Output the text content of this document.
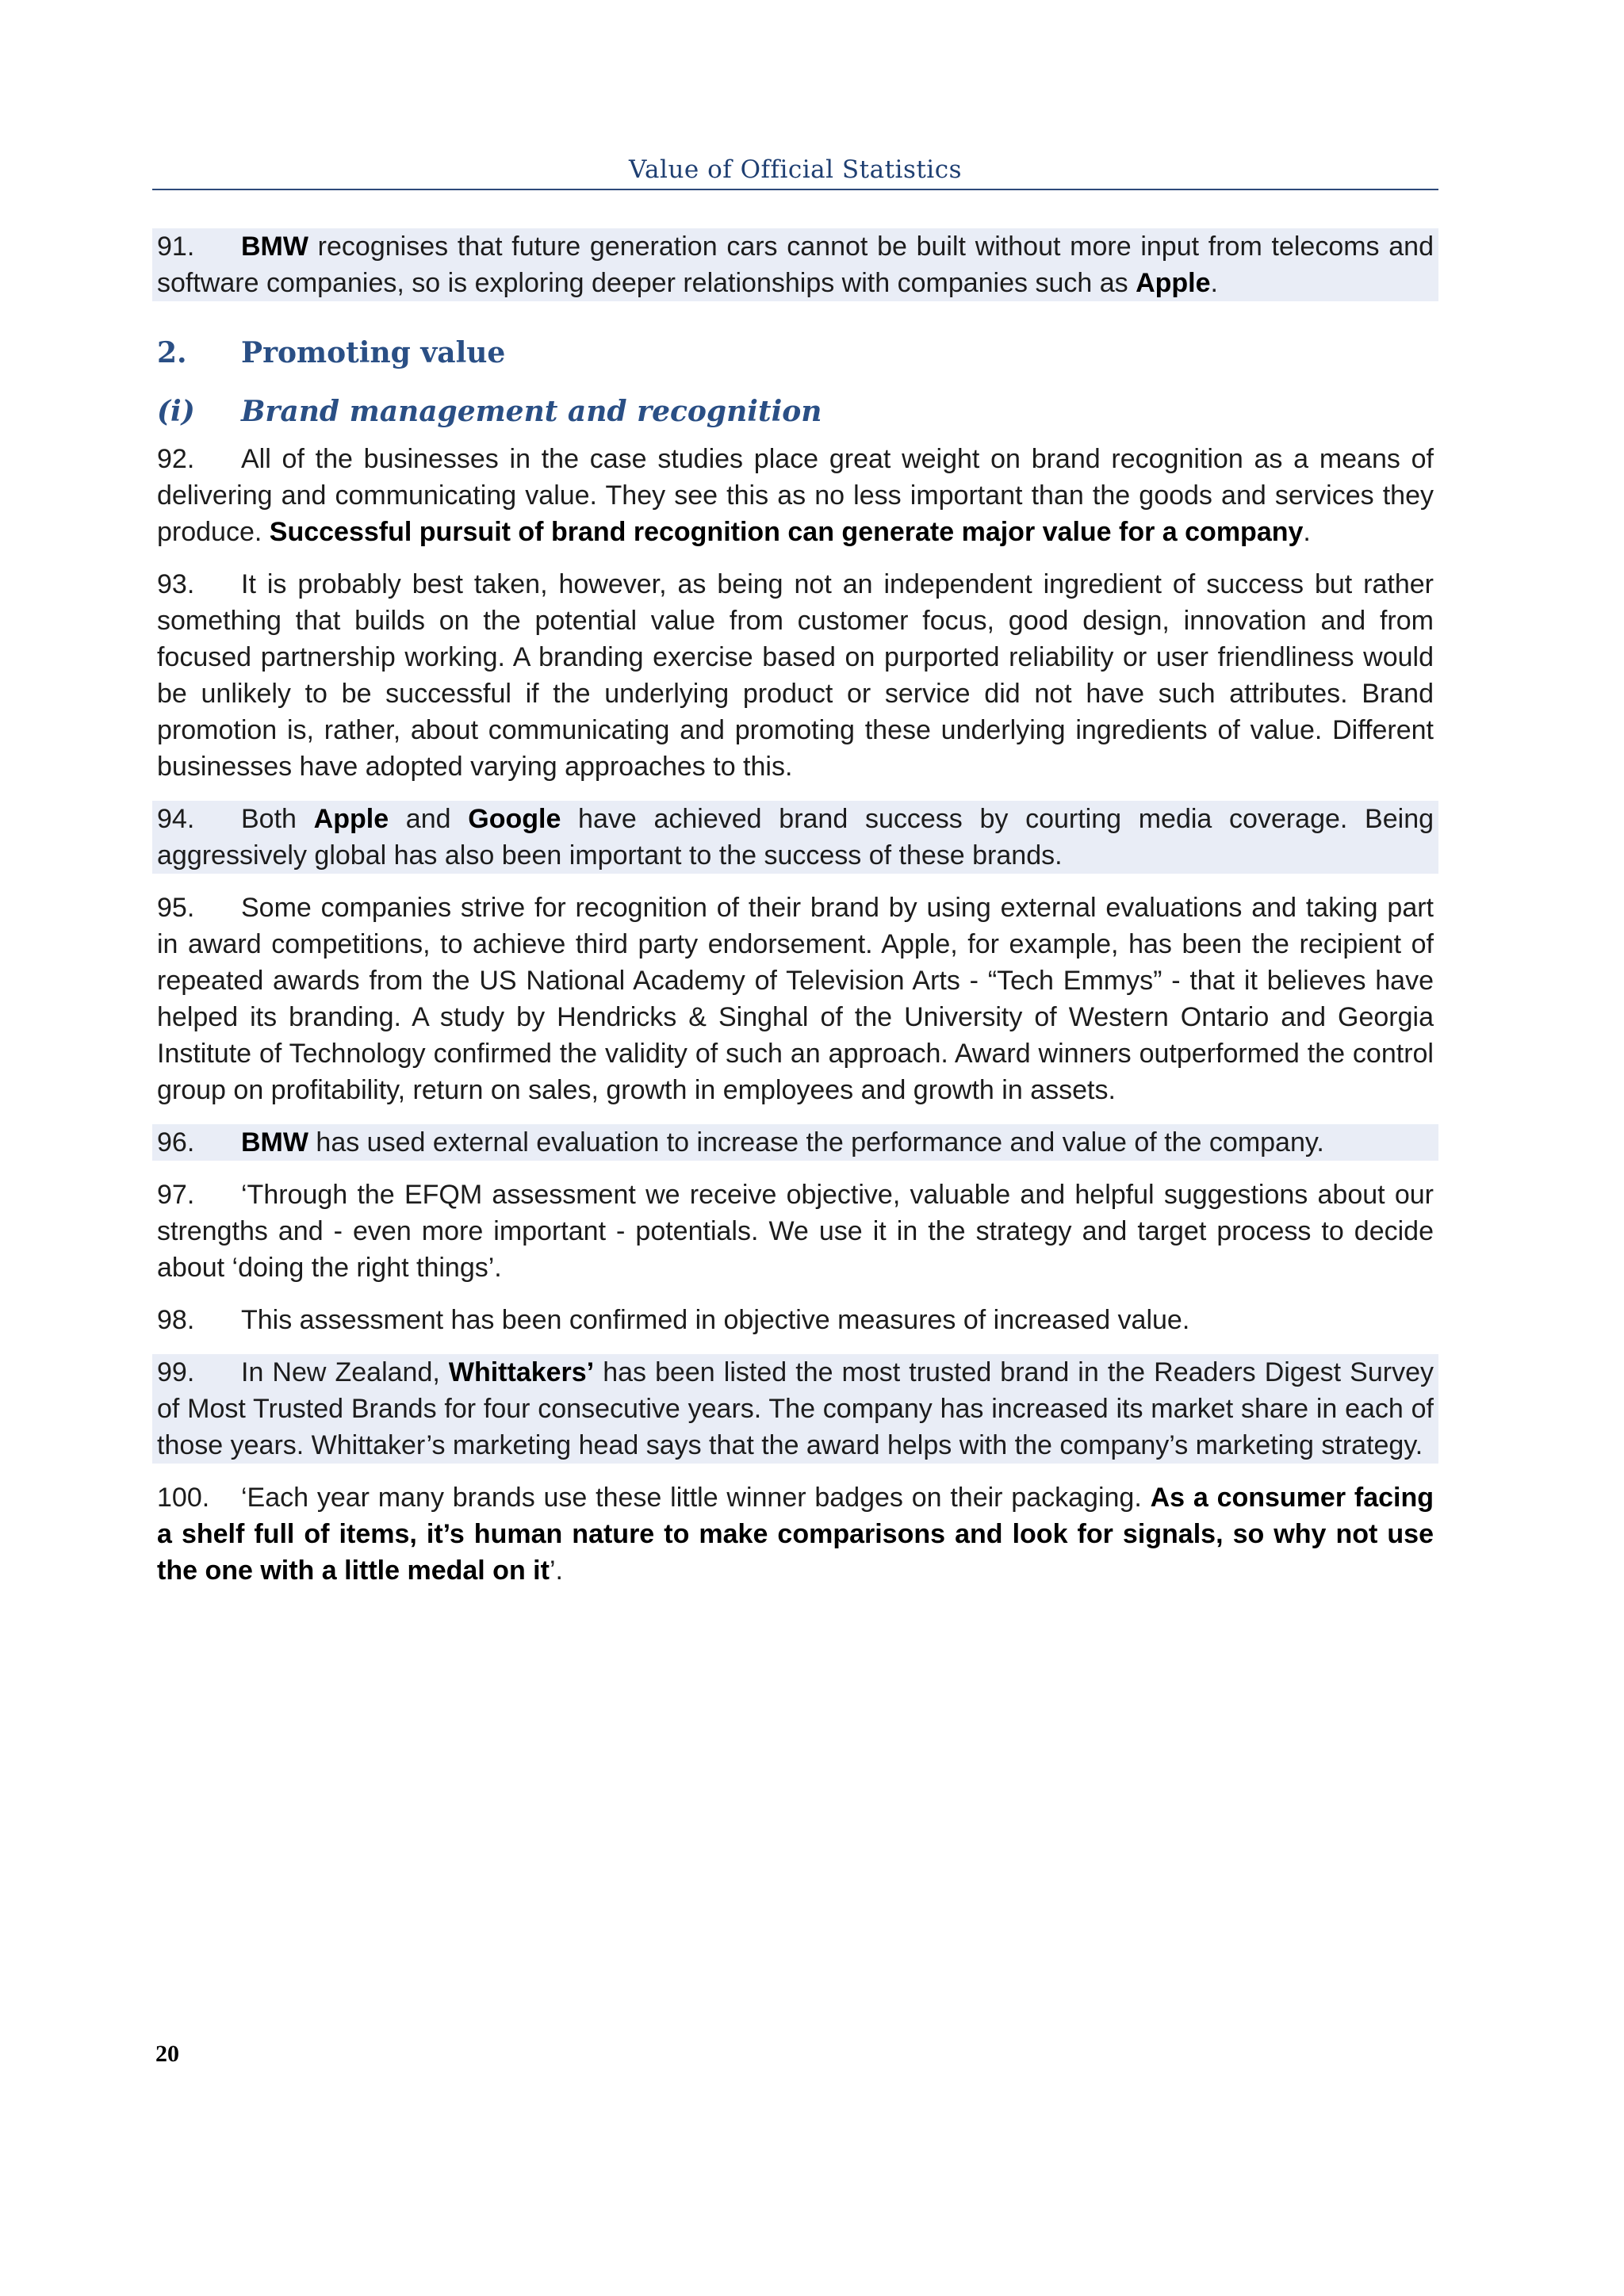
Value of Official Statistics
91. BMW recognises that future generation cars cannot be built without more input from telecoms and software companies, so is exploring deeper relationships with companies such as Apple.
2. Promoting value
(i) Brand management and recognition
92. All of the businesses in the case studies place great weight on brand recognition as a means of delivering and communicating value. They see this as no less important than the goods and services they produce. Successful pursuit of brand recognition can generate major value for a company.
93. It is probably best taken, however, as being not an independent ingredient of success but rather something that builds on the potential value from customer focus, good design, innovation and from focused partnership working. A branding exercise based on purported reliability or user friendliness would be unlikely to be successful if the underlying product or service did not have such attributes. Brand promotion is, rather, about communicating and promoting these underlying ingredients of value. Different businesses have adopted varying approaches to this.
94. Both Apple and Google have achieved brand success by courting media coverage. Being aggressively global has also been important to the success of these brands.
95. Some companies strive for recognition of their brand by using external evaluations and taking part in award competitions, to achieve third party endorsement. Apple, for example, has been the recipient of repeated awards from the US National Academy of Television Arts - “Tech Emmys” - that it believes have helped its branding. A study by Hendricks & Singhal of the University of Western Ontario and Georgia Institute of Technology confirmed the validity of such an approach. Award winners outperformed the control group on profitability, return on sales, growth in employees and growth in assets.
96. BMW has used external evaluation to increase the performance and value of the company.
97. ‘Through the EFQM assessment we receive objective, valuable and helpful suggestions about our strengths and - even more important - potentials. We use it in the strategy and target process to decide about ‘doing the right things’.
98. This assessment has been confirmed in objective measures of increased value.
99. In New Zealand, Whittakers’ has been listed the most trusted brand in the Readers Digest Survey of Most Trusted Brands for four consecutive years. The company has increased its market share in each of those years. Whittaker’s marketing head says that the award helps with the company’s marketing strategy.
100. ‘Each year many brands use these little winner badges on their packaging. As a consumer facing a shelf full of items, it’s human nature to make comparisons and look for signals, so why not use the one with a little medal on it’.
20
